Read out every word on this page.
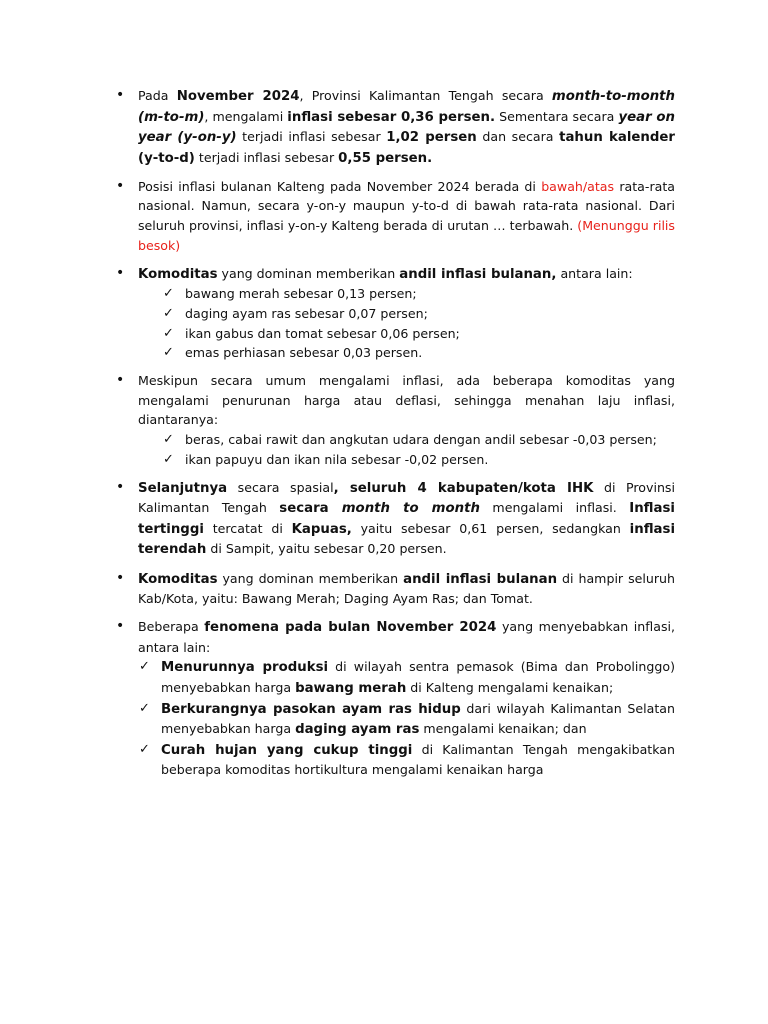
• Pada November 2024, Provinsi Kalimantan Tengah secara month-to-month (m-to-m), mengalami inflasi sebesar 0,36 persen. Sementara secara year on year (y-on-y) terjadi inflasi sebesar 1,02 persen dan secara tahun kalender (y-to-d) terjadi inflasi sebesar 0,55 persen.
• Posisi inflasi bulanan Kalteng pada November 2024 berada di bawah/atas rata-rata nasional. Namun, secara y-on-y maupun y-to-d di bawah rata-rata nasional. Dari seluruh provinsi, inflasi y-on-y Kalteng berada di urutan … terbawah. (Menunggu rilis besok)
• Komoditas yang dominan memberikan andil inflasi bulanan, antara lain:
✓ bawang merah sebesar 0,13 persen;
✓ daging ayam ras sebesar 0,07 persen;
✓ ikan gabus dan tomat sebesar 0,06 persen;
✓ emas perhiasan sebesar 0,03 persen.
• Meskipun secara umum mengalami inflasi, ada beberapa komoditas yang mengalami penurunan harga atau deflasi, sehingga menahan laju inflasi, diantaranya:
✓ beras, cabai rawit dan angkutan udara dengan andil sebesar -0,03 persen;
✓ ikan papuyu dan ikan nila sebesar -0,02 persen.
• Selanjutnya secara spasial, seluruh 4 kabupaten/kota IHK di Provinsi Kalimantan Tengah secara month to month mengalami inflasi. Inflasi tertinggi tercatat di Kapuas, yaitu sebesar 0,61 persen, sedangkan inflasi terendah di Sampit, yaitu sebesar 0,20 persen.
• Komoditas yang dominan memberikan andil inflasi bulanan di hampir seluruh Kab/Kota, yaitu: Bawang Merah; Daging Ayam Ras; dan Tomat.
• Beberapa fenomena pada bulan November 2024 yang menyebabkan inflasi, antara lain:
✓ Menurunnya produksi di wilayah sentra pemasok (Bima dan Probolinggo) menyebabkan harga bawang merah di Kalteng mengalami kenaikan;
✓ Berkurangnya pasokan ayam ras hidup dari wilayah Kalimantan Selatan menyebabkan harga daging ayam ras mengalami kenaikan; dan
✓ Curah hujan yang cukup tinggi di Kalimantan Tengah mengakibatkan beberapa komoditas hortikultura mengalami kenaikan harga
